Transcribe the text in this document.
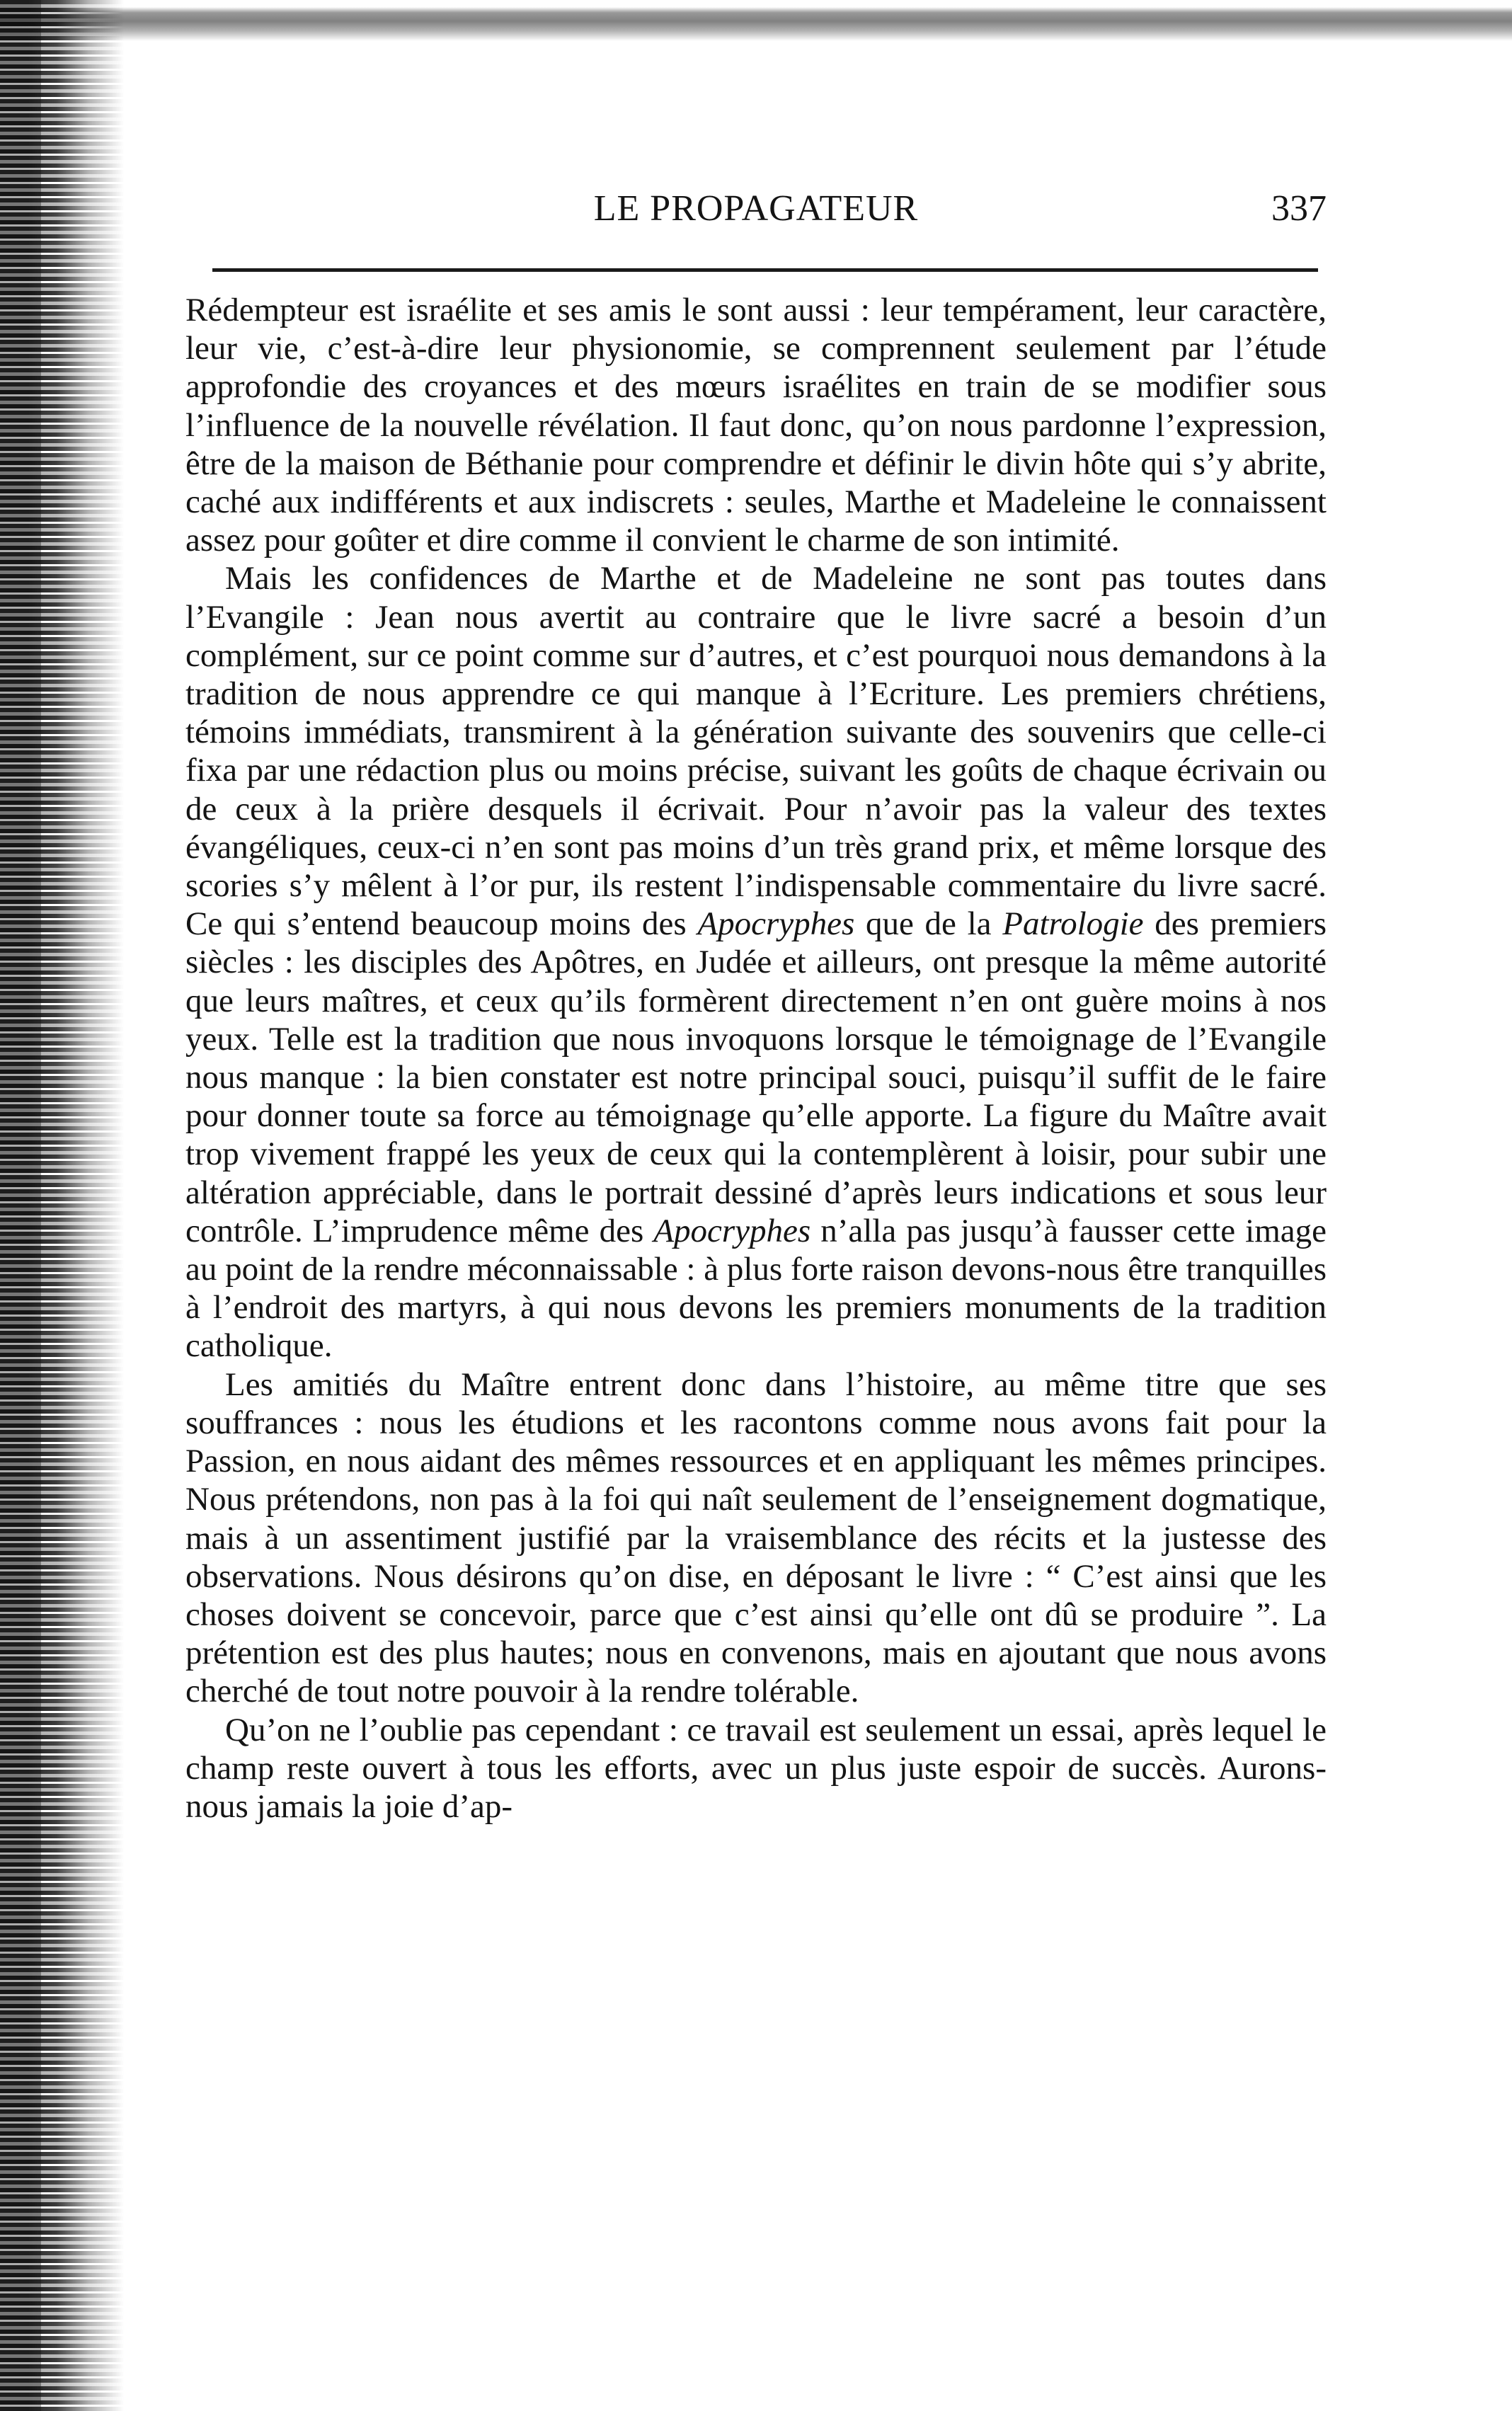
LE PROPAGATEUR	337

Rédempteur est israélite et ses amis le sont aussi : leur tempérament, leur caractère, leur vie, c’est-à-dire leur physionomie, se comprennent seulement par l’étude approfondie des croyances et des mœurs israélites en train de se modifier sous l’influence de la nouvelle révélation. Il faut donc, qu’on nous pardonne l’expression, être de la maison de Béthanie pour comprendre et définir le divin hôte qui s’y abrite, caché aux indifférents et aux indiscrets : seules, Marthe et Madeleine le connaissent assez pour goûter et dire comme il convient le charme de son intimité.

Mais les confidences de Marthe et de Madeleine ne sont pas toutes dans l’Evangile : Jean nous avertit au contraire que le livre sacré a besoin d’un complément, sur ce point comme sur d’autres, et c’est pourquoi nous demandons à la tradition de nous apprendre ce qui manque à l’Ecriture. Les premiers chrétiens, témoins immédiats, transmirent à la génération suivante des souvenirs que celle-ci fixa par une rédaction plus ou moins précise, suivant les goûts de chaque écrivain ou de ceux à la prière desquels il écrivait. Pour n’avoir pas la valeur des textes évangéliques, ceux-ci n’en sont pas moins d’un très grand prix, et même lorsque des scories s’y mêlent à l’or pur, ils restent l’indispensable commentaire du livre sacré. Ce qui s’entend beaucoup moins des Apocryphes que de la Patrologie des premiers siècles : les disciples des Apôtres, en Judée et ailleurs, ont presque la même autorité que leurs maîtres, et ceux qu’ils formèrent directement n’en ont guère moins à nos yeux. Telle est la tradition que nous invoquons lorsque le témoignage de l’Evangile nous manque : la bien constater est notre principal souci, puisqu’il suffit de le faire pour donner toute sa force au témoignage qu’elle apporte. La figure du Maître avait trop vivement frappé les yeux de ceux qui la contemplèrent à loisir, pour subir une altération appréciable, dans le portrait dessiné d’après leurs indications et sous leur contrôle. L’imprudence même des Apocryphes n’alla pas jusqu’à fausser cette image au point de la rendre méconnaissable : à plus forte raison devons-nous être tranquilles à l’endroit des martyrs, à qui nous devons les premiers monuments de la tradition catholique.

Les amitiés du Maître entrent donc dans l’histoire, au même titre que ses souffrances : nous les étudions et les racontons comme nous avons fait pour la Passion, en nous aidant des mêmes ressources et en appliquant les mêmes principes. Nous prétendons, non pas à la foi qui naît seulement de l’enseignement dogmatique, mais à un assentiment justifié par la vraisemblance des récits et la justesse des observations. Nous désirons qu’on dise, en déposant le livre : “ C’est ainsi que les choses doivent se concevoir, parce que c’est ainsi qu’elle ont dû se produire ”. La prétention est des plus hautes; nous en convenons, mais en ajoutant que nous avons cherché de tout notre pouvoir à la rendre tolérable.

Qu’on ne l’oublie pas cependant : ce travail est seulement un essai, après lequel le champ reste ouvert à tous les efforts, avec un plus juste espoir de succès. Aurons-nous jamais la joie d’ap-
